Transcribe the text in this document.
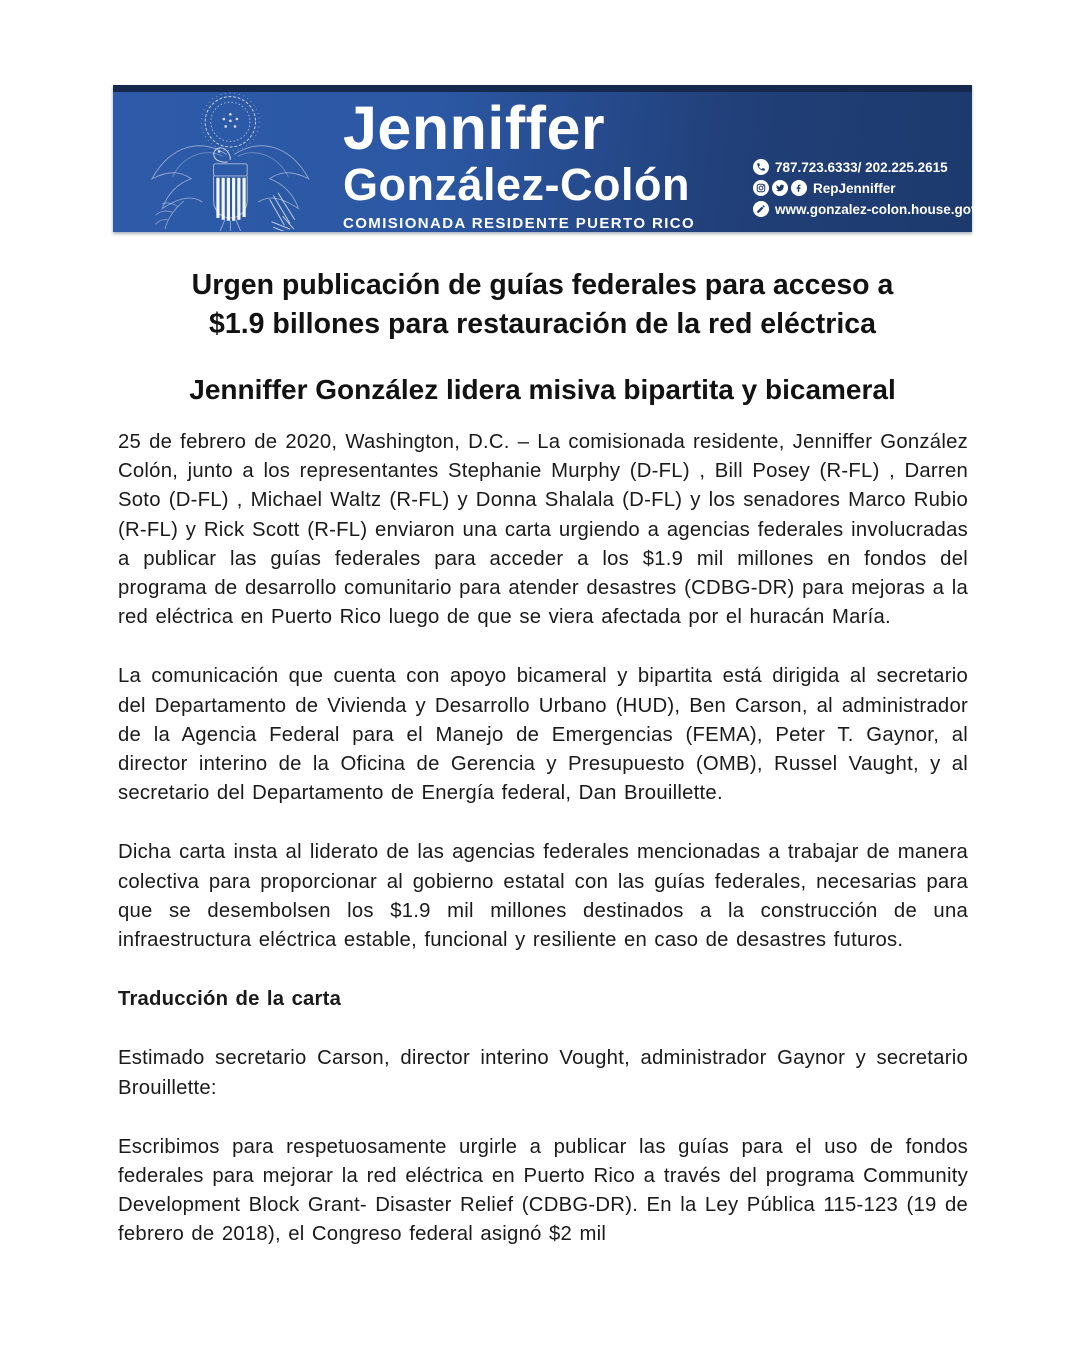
Jenniffer
González-Colón
COMISIONADA RESIDENTE PUERTO RICO
787.723.6333/ 202.225.2615
RepJenniffer
www.gonzalez-colon.house.gov
Urgen publicación de guías federales para acceso a
$1.9 billones para restauración de la red eléctrica
Jenniffer González lidera misiva bipartita y bicameral

25 de febrero de 2020, Washington, D.C. – La comisionada residente, Jenniffer González Colón, junto a los representantes Stephanie Murphy (D-FL) , Bill Posey (R-FL) , Darren Soto (D-FL) , Michael Waltz (R-FL) y Donna Shalala (D-FL) y los senadores Marco Rubio (R-FL) y Rick Scott (R-FL) enviaron una carta urgiendo a agencias federales involucradas a publicar las guías federales para acceder a los $1.9 mil millones en fondos del programa de desarrollo comunitario para atender desastres (CDBG-DR) para mejoras a la red eléctrica en Puerto Rico luego de que se viera afectada por el huracán María.

La comunicación que cuenta con apoyo bicameral y bipartita está dirigida al secretario del Departamento de Vivienda y Desarrollo Urbano (HUD), Ben Carson, al administrador de la Agencia Federal para el Manejo de Emergencias (FEMA), Peter T. Gaynor, al director interino de la Oficina de Gerencia y Presupuesto (OMB), Russel Vaught, y al secretario del Departamento de Energía federal, Dan Brouillette.

Dicha carta insta al liderato de las agencias federales mencionadas a trabajar de manera colectiva para proporcionar al gobierno estatal con las guías federales, necesarias para que se desembolsen los $1.9 mil millones destinados a la construcción de una infraestructura eléctrica estable, funcional y resiliente en caso de desastres futuros.

Traducción de la carta

Estimado secretario Carson, director interino Vought, administrador Gaynor y secretario Brouillette:

Escribimos para respetuosamente urgirle a publicar las guías para el uso de fondos federales para mejorar la red eléctrica en Puerto Rico a través del programa Community Development Block Grant- Disaster Relief (CDBG-DR). En la Ley Pública 115-123 (19 de febrero de 2018), el Congreso federal asignó $2 mil
